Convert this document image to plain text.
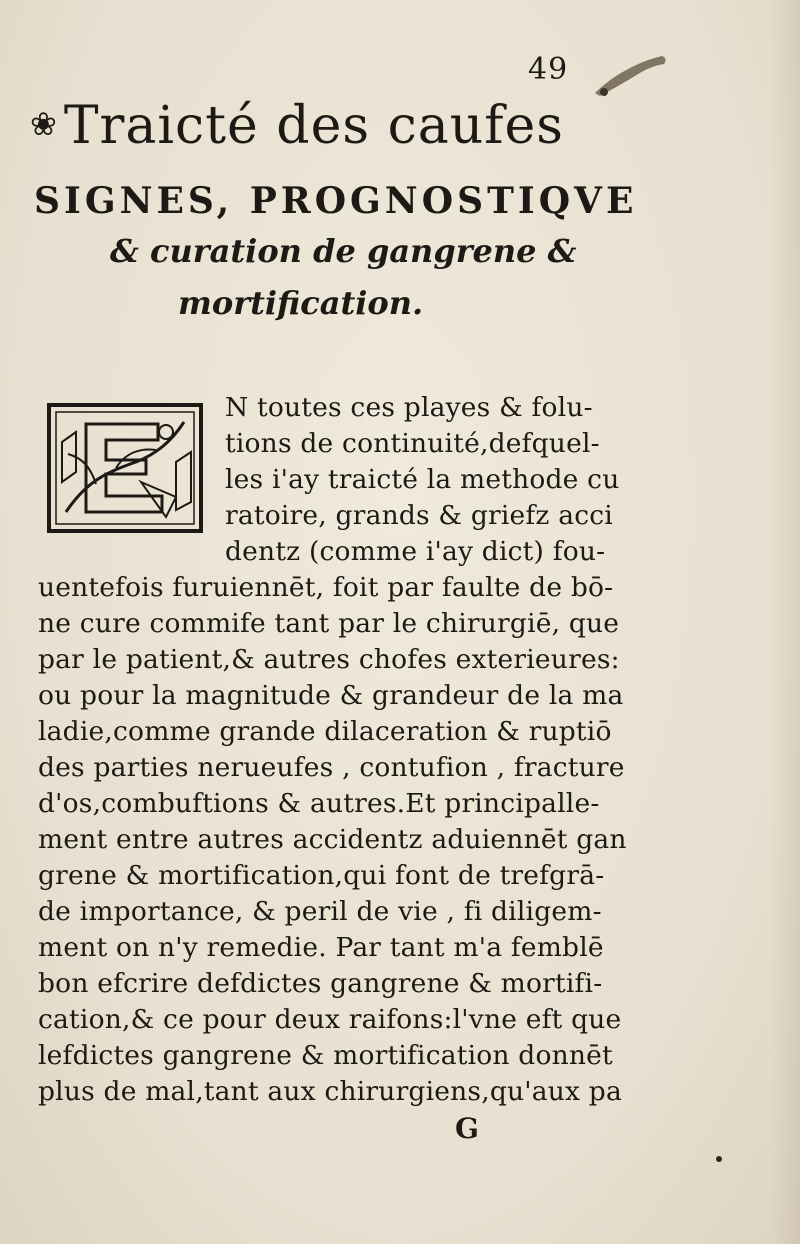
49
❀ Traicté des caufes
SIGNES, PROGNOSTIQVE
& curation de gangrene &
mortification.
N toutes ces playes & folu-
tions de continuité,defquel-
les i'ay traicté la methode cu
ratoire, grands & griefz acci
dentz (comme i'ay dict) fou-
uentefois furuiennēt, foit par faulte de bō-
ne cure commife tant par le chirurgiē, que
par le patient,& autres chofes exterieures:
ou pour la magnitude & grandeur de la ma
ladie,comme grande dilaceration & ruptiō
des parties nerueufes , contufion , fracture
d'os,combuftions & autres.Et principalle-
ment entre autres accidentz aduiennēt gan
grene & mortification,qui font de trefgrā-
de importance, & peril de vie , fi diligem-
ment on n'y remedie. Par tant m'a femblē
bon efcrire defdictes gangrene & mortifi-
cation,& ce pour deux raifons:l'vne eft que
lefdictes gangrene & mortification donnēt
plus de mal,tant aux chirurgiens,qu'aux pa
G
